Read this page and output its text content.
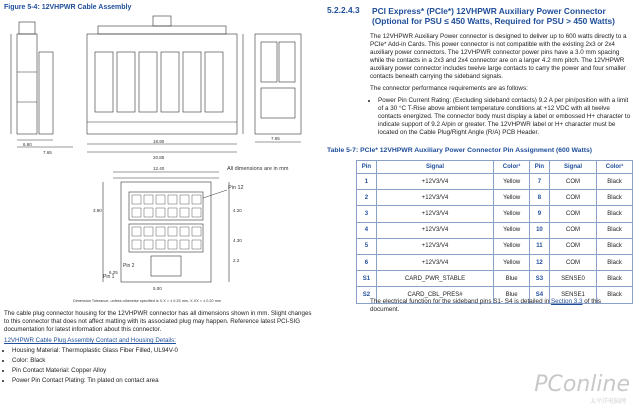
Figure 5-4: 12VHPWR Cable Assembly
6.90
7.65
18.90
20.85
7.65
12.40
3.90	4.20
4.30
2.2
6.25
5.00
All dimensions are in mm
Pin 12
Pin 2
Pin 1
Dimension Tolerance, unless otherwise specified is X.X = ± 0.25 mm, X.XX = ± 0.20 mm
The cable plug connector housing for the 12VHPWR connector has all dimensions shown in mm. Slight changes to this connector that does not affect matting with its associated plug may happen. Reference latest PCI-SIG documentation for latest information about this connector.
12VHPWR Cable Plug Assembly Contact and Housing Details:
• Housing Material: Thermoplastic Glass Fiber Filled, UL94V-0
• Color: Black
• Pin Contact Material: Copper Alloy
• Power Pin Contact Plating: Tin plated on contact area
5.2.2.4.3 PCI Express* (PCIe*) 12VHPWR Auxiliary Power Connector (Optional for PSU ≤ 450 Watts, Required for PSU > 450 Watts)

The 12VHPWR Auxiliary Power connector is designed to deliver up to 600 watts directly to a PCIe* Add-in Cards. This power connector is not compatible with the existing 2x3 or 2x4 auxiliary power connectors. The 12VHPWR connector power pins have a 3.0 mm spacing while the contacts in a 2x3 and 2x4 connector are on a larger 4.2 mm pitch. The 12VHPWR auxiliary power connector includes twelve large contacts to carry the power and four smaller contacts beneath carrying the sideband signals.

The connector performance requirements are as follows:

• Power Pin Current Rating: (Excluding sideband contacts) 9.2 A per pin/position with a limit of a 30 °C T-Rise above ambient temperature conditions at +12 VDC with all twelve contacts energized. The connector body must display a label or embossed H+ character to indicate support of 9.2 A/pin or greater. The 12VHPWR label or H+ character must be located on the Cable Plug/Right Angle (R/A) PCB Header.
Table 5-7: PCIe* 12VHPWR Auxiliary Power Connector Pin Assignment (600 Watts)
Pin	Signal	Color¹	Pin	Signal	Color¹
1	+12V3/V4	Yellow	7	COM	Black
2	+12V3/V4	Yellow	8	COM	Black
3	+12V3/V4	Yellow	9	COM	Black
4	+12V3/V4	Yellow	10	COM	Black
5	+12V3/V4	Yellow	11	COM	Black
6	+12V3/V4	Yellow	12	COM	Black
S1	CARD_PWR_STABLE	Blue	S3	SENSE0	Black
S2	CARD_CBL_PRES#	Blue	S4	SENSE1	Black
The electrical function for the sideband pins S1- S4 is detailed in Section 3.3 of this document.
PConline
太平洋电脑网
